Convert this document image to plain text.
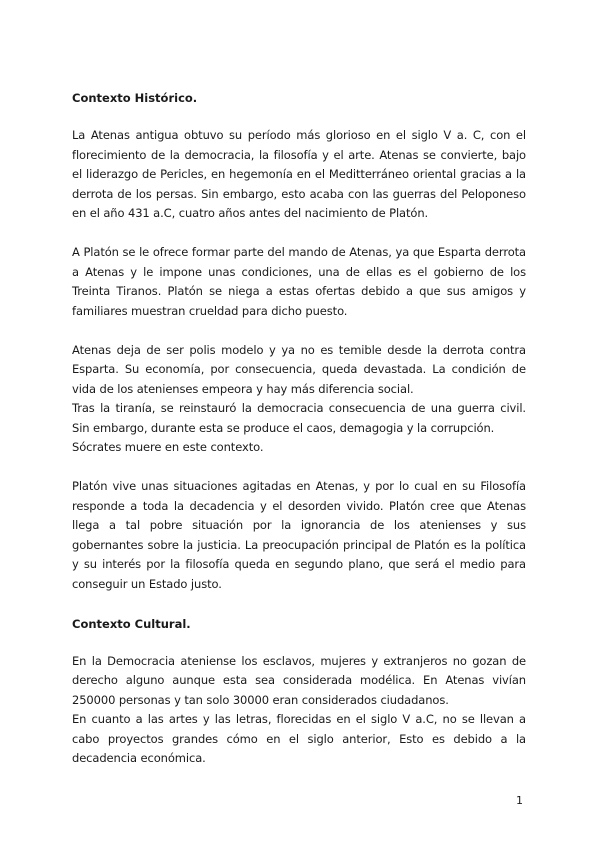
Contexto Histórico.

La Atenas antigua obtuvo su período más glorioso en el siglo V a. C, con el florecimiento de la democracia, la filosofía y el arte. Atenas se convierte, bajo el liderazgo de Pericles, en hegemonía en el Meditterráneo oriental gracias a la derrota de los persas. Sin embargo, esto acaba con las guerras del Peloponeso en el año 431 a.C, cuatro años antes del nacimiento de Platón.

A Platón se le ofrece formar parte del mando de Atenas, ya que Esparta derrota a Atenas y le impone unas condiciones, una de ellas es el gobierno de los Treinta Tiranos. Platón se niega a estas ofertas debido a que sus amigos y familiares muestran crueldad para dicho puesto.

Atenas deja de ser polis modelo y ya no es temible desde la derrota contra Esparta. Su economía, por consecuencia, queda devastada. La condición de vida de los atenienses empeora y hay más diferencia social.

Tras la tiranía, se reinstauró la democracia consecuencia de una guerra civil. Sin embargo, durante esta se produce el caos, demagogia y la corrupción.

Sócrates muere en este contexto.

Platón vive unas situaciones agitadas en Atenas, y por lo cual en su Filosofía responde a toda la decadencia y el desorden vivido. Platón cree que Atenas llega a tal pobre situación por la ignorancia de los atenienses y sus gobernantes sobre la justicia. La preocupación principal de Platón es la política y su interés por la filosofía queda en segundo plano, que será el medio para conseguir un Estado justo.

Contexto Cultural.

En la Democracia ateniense los esclavos, mujeres y extranjeros no gozan de derecho alguno aunque esta sea considerada modélica. En Atenas vivían 250000 personas y tan solo 30000 eran considerados ciudadanos.

En cuanto a las artes y las letras, florecidas en el siglo V a.C, no se llevan a cabo proyectos grandes cómo en el siglo anterior, Esto es debido a la decadencia económica.

1
